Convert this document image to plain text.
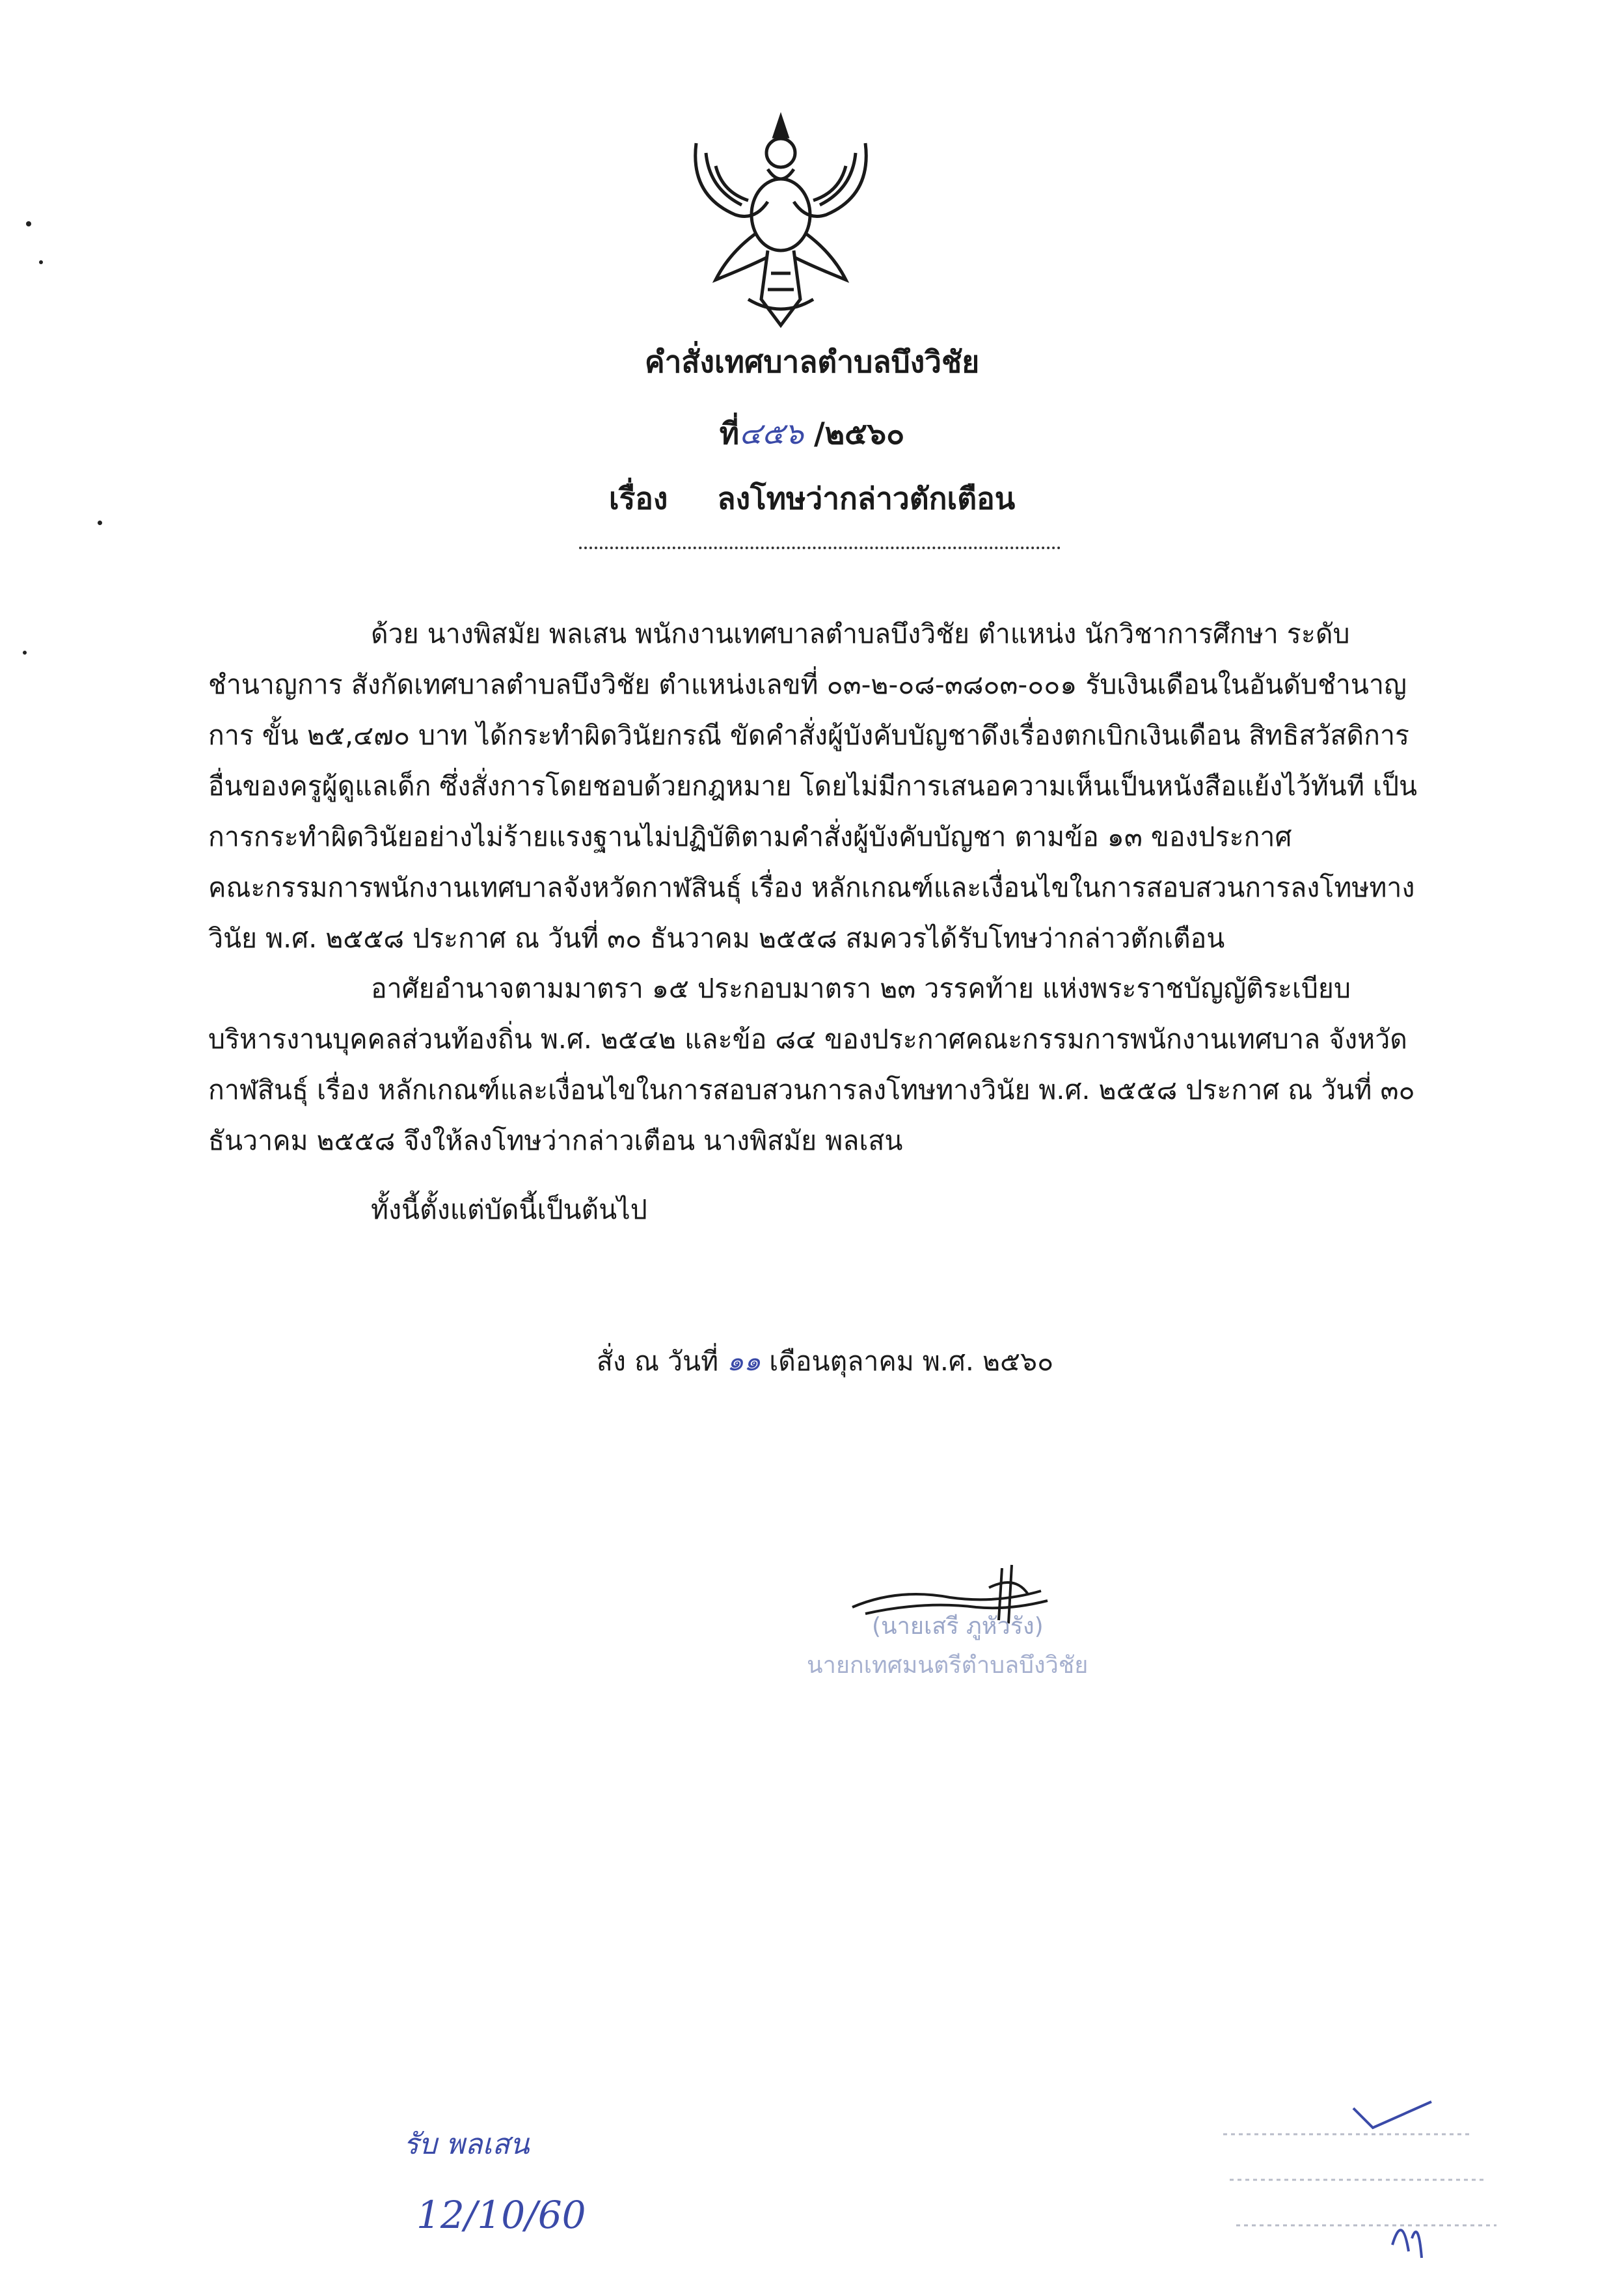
คำสั่งเทศบาลตำบลบึงวิชัย
ที่๔๕๖ /๒๕๖๐
เรื่อง ลงโทษว่ากล่าวตักเตือน
ด้วย นางพิสมัย พลเสน พนักงานเทศบาลตำบลบึงวิชัย ตำแหน่ง นักวิชาการศึกษา ระดับ
ชำนาญการ สังกัดเทศบาลตำบลบึงวิชัย ตำแหน่งเลขที่ ๐๓-๒-๐๘-๓๘๐๓-๐๐๑ รับเงินเดือนในอันดับชำนาญ
การ ขั้น ๒๕,๔๗๐ บาท ได้กระทำผิดวินัยกรณี ขัดคำสั่งผู้บังคับบัญชาดึงเรื่องตกเบิกเงินเดือน สิทธิสวัสดิการ
อื่นของครูผู้ดูแลเด็ก ซึ่งสั่งการโดยชอบด้วยกฎหมาย โดยไม่มีการเสนอความเห็นเป็นหนังสือแย้งไว้ทันที เป็น
การกระทำผิดวินัยอย่างไม่ร้ายแรงฐานไม่ปฏิบัติตามคำสั่งผู้บังคับบัญชา ตามข้อ ๑๓ ของประกาศ
คณะกรรมการพนักงานเทศบาลจังหวัดกาฬสินธุ์ เรื่อง หลักเกณฑ์และเงื่อนไขในการสอบสวนการลงโทษทาง
วินัย พ.ศ. ๒๕๕๘ ประกาศ ณ วันที่ ๓๐ ธันวาคม ๒๕๕๘ สมควรได้รับโทษว่ากล่าวตักเตือน
อาศัยอำนาจตามมาตรา ๑๕ ประกอบมาตรา ๒๓ วรรคท้าย แห่งพระราชบัญญัติระเบียบ
บริหารงานบุคคลส่วนท้องถิ่น พ.ศ. ๒๕๔๒ และข้อ ๘๔ ของประกาศคณะกรรมการพนักงานเทศบาล จังหวัด
กาฬสินธุ์ เรื่อง หลักเกณฑ์และเงื่อนไขในการสอบสวนการลงโทษทางวินัย พ.ศ. ๒๕๕๘ ประกาศ ณ วันที่ ๓๐
ธันวาคม ๒๕๕๘ จึงให้ลงโทษว่ากล่าวเตือน นางพิสมัย พลเสน
ทั้งนี้ตั้งแต่บัดนี้เป็นต้นไป
สั่ง ณ วันที่ ๑๑ เดือนตุลาคม พ.ศ. ๒๕๖๐
(นายเสรี ภูหัวรัง)
นายกเทศมนตรีตำบลบึงวิชัย
รับ พลเสน
12/10/60
